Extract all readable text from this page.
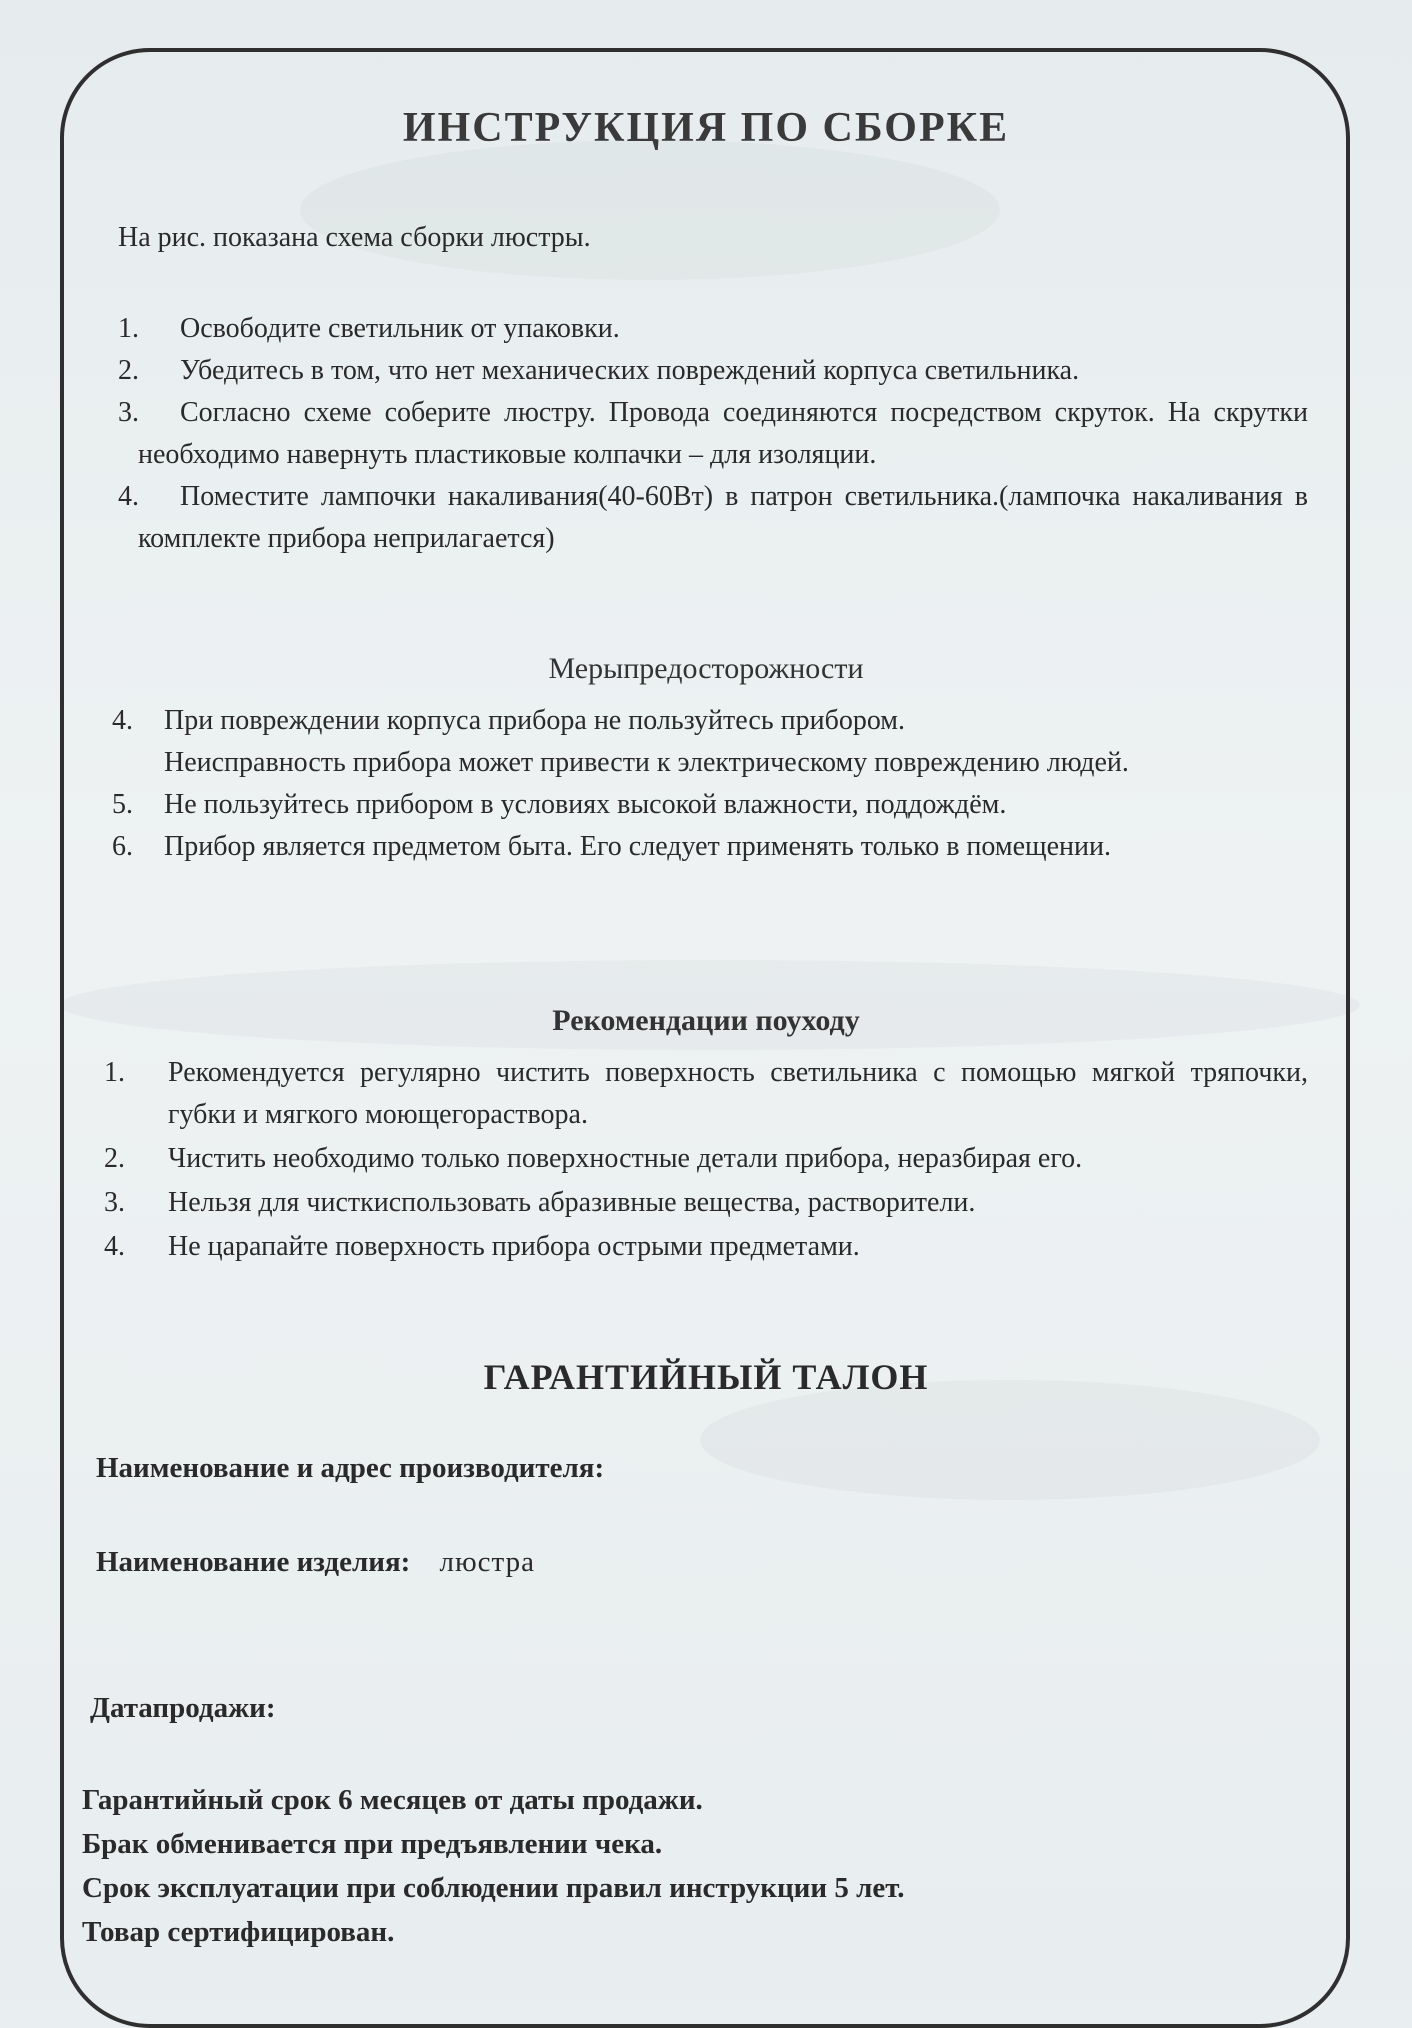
ИНСТРУКЦИЯ ПО СБОРКЕ
На рис. показана схема сборки люстры.
1.	Освободите светильник от упаковки.
2.	Убедитесь в том, что нет механических повреждений корпуса светильника.
3.	Согласно схеме соберите люстру. Провода соединяются посредством скруток. На скрутки необходимо навернуть пластиковые колпачки – для изоляции.
4.	Поместите лампочки накаливания(40-60Вт) в патрон светильника.(лампочка накаливания в комплекте прибора неприлагается)
Мерыпредосторожности
4.	При повреждении корпуса прибора не пользуйтесь прибором.
Неисправность прибора может привести к электрическому повреждению людей.
5.	Не пользуйтесь прибором в условиях высокой влажности, поддождём.
6.	Прибор является предметом быта. Его следует применять только в помещении.
Рекомендации поуходу
1.	Рекомендуется регулярно чистить поверхность светильника с помощью мягкой тряпочки, губки и мягкого моющегораствора.
2.	Чистить необходимо только поверхностные детали прибора, неразбирая его.
3.	Нельзя для чисткиспользовать абразивные вещества, растворители.
4.	Не царапайте поверхность прибора острыми предметами.
ГАРАНТИЙНЫЙ ТАЛОН
Наименование и адрес производителя:
Наименование изделия: люстра
Датапродажи:
Гарантийный срок 6 месяцев от даты продажи.
Брак обменивается при предъявлении чека.
Срок эксплуатации при соблюдении правил инструкции 5 лет.
Товар сертифицирован.
